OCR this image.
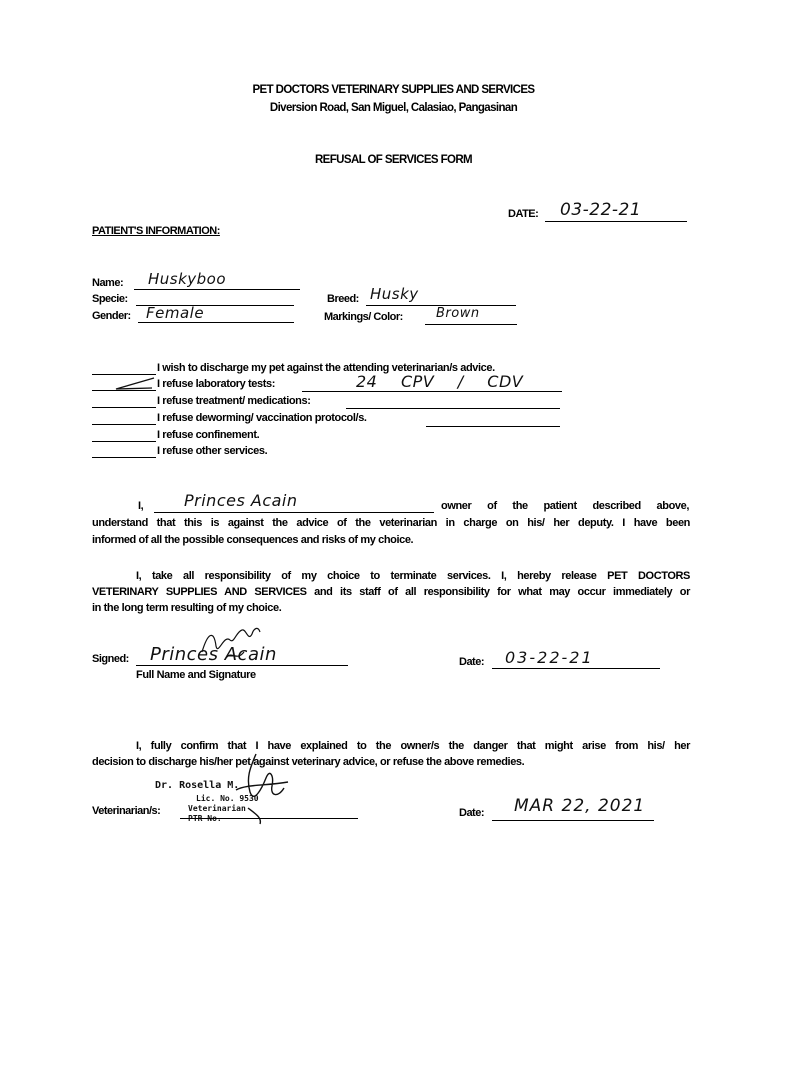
PET DOCTORS VETERINARY SUPPLIES AND SERVICES
Diversion Road, San Miguel, Calasiao, Pangasinan
REFUSAL OF SERVICES FORM
DATE: 03-22-21
PATIENT'S INFORMATION:
Name: Huskyboo
Specie:
Gender: Female
Breed: Husky
Markings/ Color:	Brown
I wish to discharge my pet against the attending veterinarian/s advice.
I refuse laboratory tests:	24 CPV / CDV
I refuse treatment/ medications:
I refuse deworming/ vaccination protocol/s.
I refuse confinement.
I refuse other services.
I,	Princes Acain	owner of the patient described above,
understand that this is against the advice of the veterinarian in charge on his/ her deputy. I have been
informed of all the possible consequences and risks of my choice.
I, take all responsibility of my choice to terminate services. I, hereby release PET DOCTORS
VETERINARY SUPPLIES AND SERVICES and its staff of all responsibility for what may occur immediately or
in the long term resulting of my choice.
Signed: Princes Acain
Full Name and Signature
Date: 03-22-21
I, fully confirm that I have explained to the owner/s the danger that might arise from his/ her
decision to discharge his/her pet against veterinary advice, or refuse the above remedies.
Dr. Rosella M.
Lic. No. 9530
Veterinarian
PTR No.
Veterinarian/s:	Date: MAR 22, 2021
